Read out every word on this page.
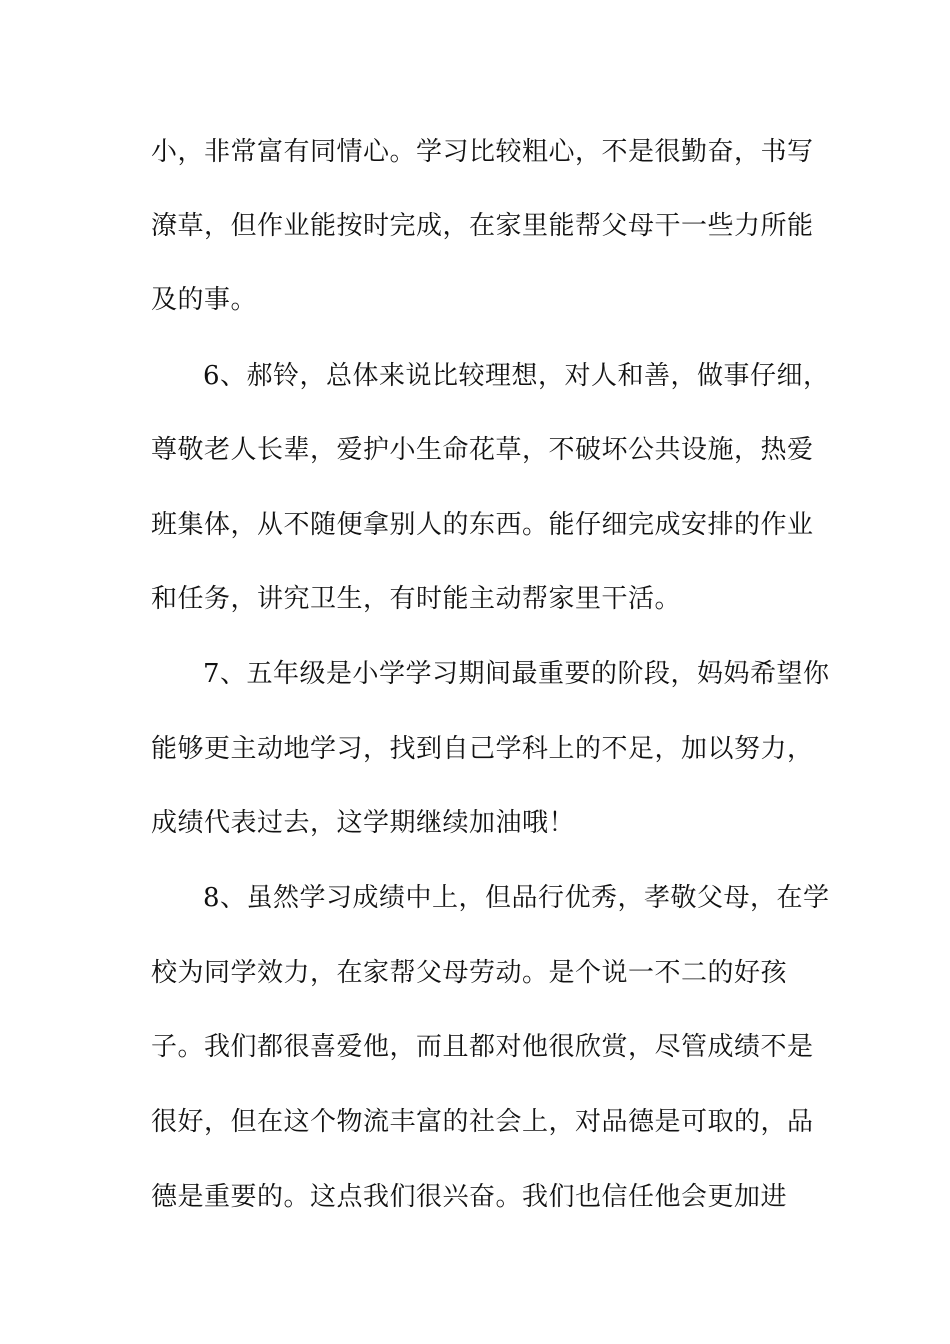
小，非常富有同情心。学习比较粗心，不是很勤奋，书写
潦草，但作业能按时完成，在家里能帮父母干一些力所能
及的事。
6、郝铃，总体来说比较理想，对人和善，做事仔细，
尊敬老人长辈，爱护小生命花草，不破坏公共设施，热爱
班集体，从不随便拿别人的东西。能仔细完成安排的作业
和任务，讲究卫生，有时能主动帮家里干活。
7、五年级是小学学习期间最重要的阶段，妈妈希望你
能够更主动地学习，找到自己学科上的不足，加以努力，
成绩代表过去，这学期继续加油哦！
8、虽然学习成绩中上，但品行优秀，孝敬父母，在学
校为同学效力，在家帮父母劳动。是个说一不二的好孩
子。我们都很喜爱他，而且都对他很欣赏，尽管成绩不是
很好，但在这个物流丰富的社会上，对品德是可取的，品
德是重要的。这点我们很兴奋。我们也信任他会更加进
